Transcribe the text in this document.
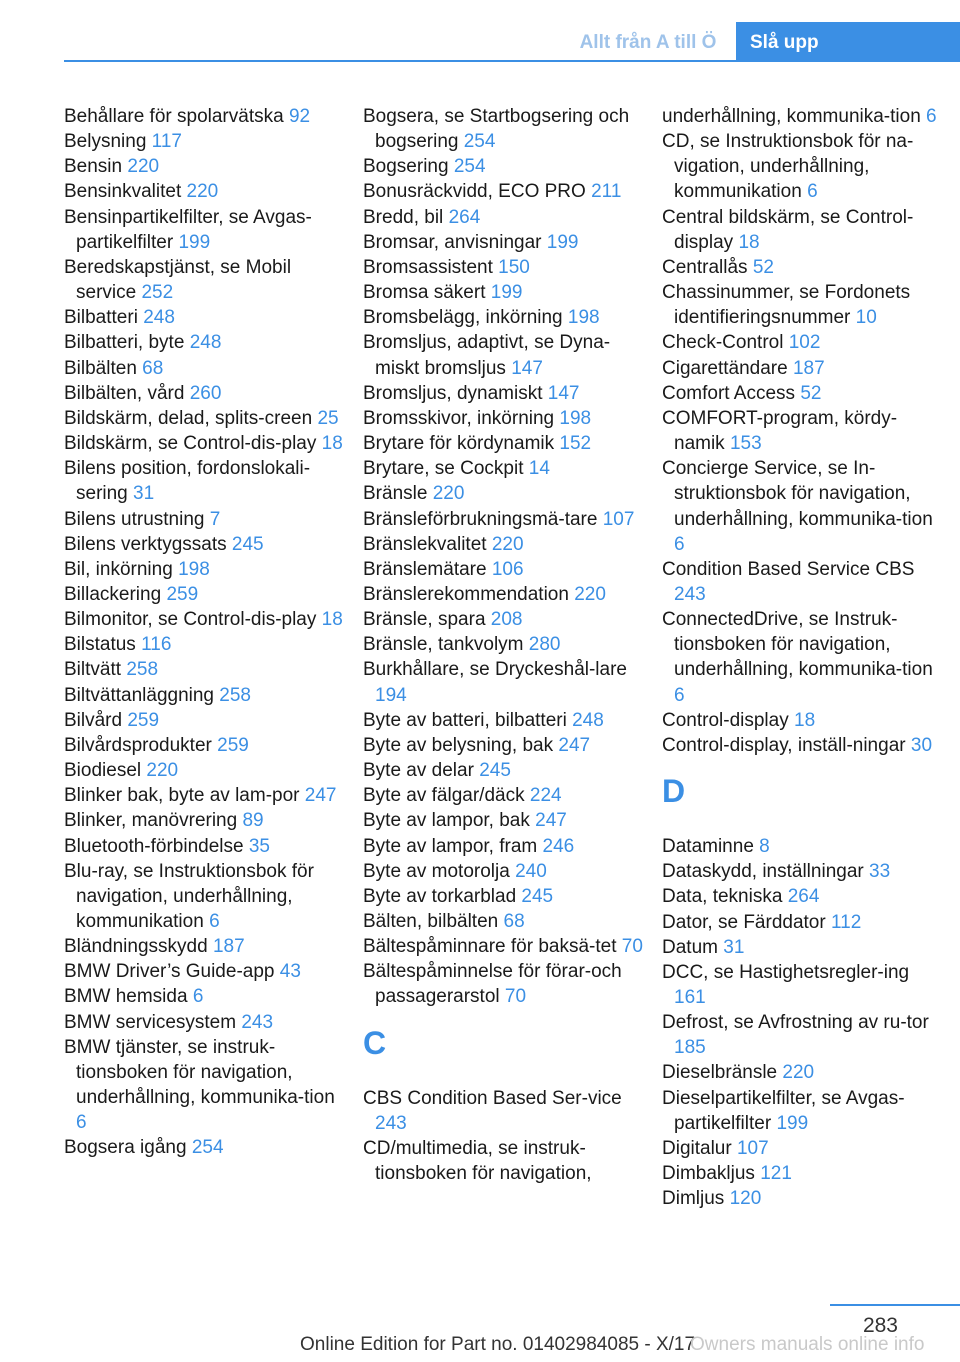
Allt från A till Ö	Slå upp
Behållare för spolarvätska 92
Belysning 117
Bensin 220
Bensinkvalitet 220
Bensinpartikelfilter, se Avgas-partikelfilter 199
Beredskapstjänst, se Mobil service 252
Bilbatteri 248
Bilbatteri, byte 248
Bilbälten 68
Bilbälten, vård 260
Bildskärm, delad, splits-creen 25
Bildskärm, se Control-dis-play 18
Bilens position, fordonslokali-sering 31
Bilens utrustning 7
Bilens verktygssats 245
Bil, inkörning 198
Billackering 259
Bilmonitor, se Control-dis-play 18
Bilstatus 116
Biltvätt 258
Biltvättanläggning 258
Bilvård 259
Bilvårdsprodukter 259
Biodiesel 220
Blinker bak, byte av lam-por 247
Blinker, manövrering 89
Bluetooth-förbindelse 35
Blu-ray, se Instruktionsbok för navigation, underhållning, kommunikation 6
Bländningsskydd 187
BMW Driver’s Guide-app 43
BMW hemsida 6
BMW servicesystem 243
BMW tjänster, se instruk-tionsboken för navigation, underhållning, kommunika-tion 6
Bogsera igång 254
Bogsera, se Startbogsering och bogsering 254
Bogsering 254
Bonusräckvidd, ECO PRO 211
Bredd, bil 264
Bromsar, anvisningar 199
Bromsassistent 150
Bromsa säkert 199
Bromsbelägg, inkörning 198
Bromsljus, adaptivt, se Dyna-miskt bromsljus 147
Bromsljus, dynamiskt 147
Bromsskivor, inkörning 198
Brytare för kördynamik 152
Brytare, se Cockpit 14
Bränsle 220
Bränsleförbrukningsmä-tare 107
Bränslekvalitet 220
Bränslemätare 106
Bränslerekommendation 220
Bränsle, spara 208
Bränsle, tankvolym 280
Burkhållare, se Dryckeshål-lare 194
Byte av batteri, bilbatteri 248
Byte av belysning, bak 247
Byte av delar 245
Byte av fälgar/däck 224
Byte av lampor, bak 247
Byte av lampor, fram 246
Byte av motorolja 240
Byte av torkarblad 245
Bälten, bilbälten 68
Bältespåminnare för baksä-tet 70
Bältespåminnelse för förar-och passagerarstol 70
C
CBS Condition Based Ser-vice 243
CD/multimedia, se instruk-tionsboken för navigation,
underhållning, kommunika-tion 6
CD, se Instruktionsbok för na-vigation, underhållning, kommunikation 6
Central bildskärm, se Control-display 18
Centrallås 52
Chassinummer, se Fordonets identifieringsnummer 10
Check-Control 102
Cigarettändare 187
Comfort Access 52
COMFORT-program, kördy-namik 153
Concierge Service, se In-struktionsbok för navigation, underhållning, kommunika-tion 6
Condition Based Service CBS 243
ConnectedDrive, se Instruk-tionsboken för navigation, underhållning, kommunika-tion 6
Control-display 18
Control-display, inställ-ningar 30
D
Dataminne 8
Dataskydd, inställningar 33
Data, tekniska 264
Dator, se Färddator 112
Datum 31
DCC, se Hastighetsregler-ing 161
Defrost, se Avfrostning av ru-tor 185
Dieselbränsle 220
Dieselpartikelfilter, se Avgas-partikelfilter 199
Digitalur 107
Dimbakljus 121
Dimljus 120
283
Online Edition for Part no. 01402984085 - X/17
Owners manuals online info
